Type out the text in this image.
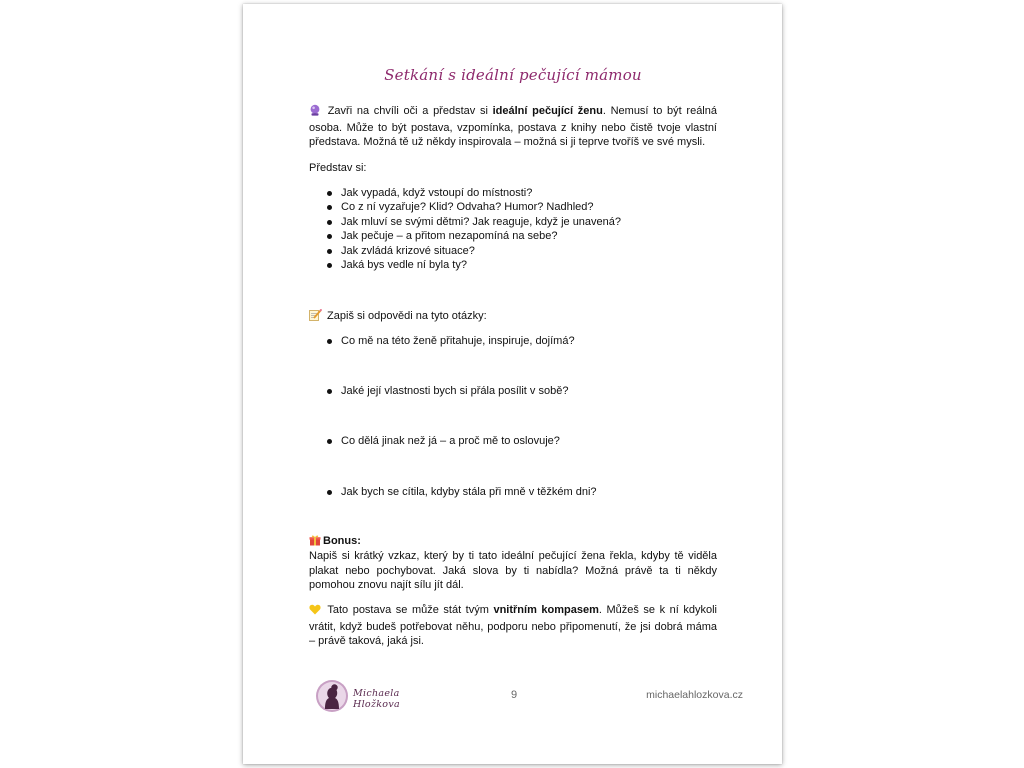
Setkání s ideální pečující mámou

Zavři na chvíli oči a představ si ideální pečující ženu. Nemusí to být reálná osoba. Může to být postava, vzpomínka, postava z knihy nebo čistě tvoje vlastní představa. Možná tě už někdy inspirovala – možná si ji teprve tvoříš ve své mysli.

Představ si:
Jak vypadá, když vstoupí do místnosti?
Co z ní vyzařuje? Klid? Odvaha? Humor? Nadhled?
Jak mluví se svými dětmi? Jak reaguje, když je unavená?
Jak pečuje – a přitom nezapomíná na sebe?
Jak zvládá krizové situace?
Jaká bys vedle ní byla ty?
Zapiš si odpovědi na tyto otázky:
Co mě na této ženě přitahuje, inspiruje, dojímá?
Jaké její vlastnosti bych si přála posílit v sobě?
Co dělá jinak než já – a proč mě to oslovuje?
Jak bych se cítila, kdyby stála při mně v těžkém dni?
Bonus:

Napiš si krátký vzkaz, který by ti tato ideální pečující žena řekla, kdyby tě viděla plakat nebo pochybovat. Jaká slova by ti nabídla? Možná právě ta ti někdy pomohou znovu najít sílu jít dál.

Tato postava se může stát tvým vnitřním kompasem. Můžeš se k ní kdykoli vrátit, když budeš potřebovat něhu, podporu nebo připomenutí, že jsi dobrá máma – právě taková, jaká jsi.

Michaela Hložkova
9	michaelahlozkova.cz
